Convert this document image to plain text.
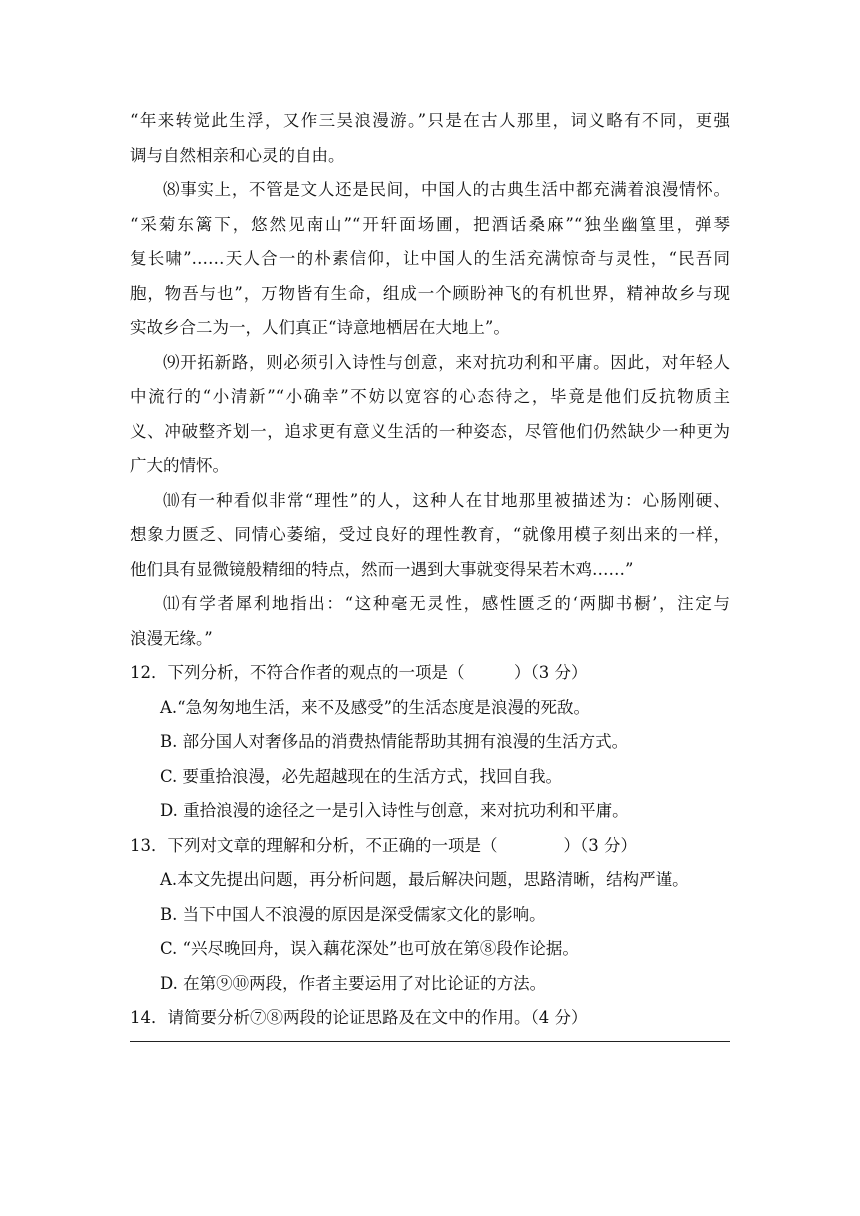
“年来转觉此生浮，又作三吴浪漫游。”只是在古人那里，词义略有不同，更强
调与自然相亲和心灵的自由。
⑻事实上，不管是文人还是民间，中国人的古典生活中都充满着浪漫情怀。
“采菊东篱下，悠然见南山”“开轩面场圃，把酒话桑麻”“独坐幽篁里，弹琴
复长啸”……天人合一的朴素信仰，让中国人的生活充满惊奇与灵性，“民吾同
胞，物吾与也”，万物皆有生命，组成一个顾盼神飞的有机世界，精神故乡与现
实故乡合二为一，人们真正“诗意地栖居在大地上”。
⑼开拓新路，则必须引入诗性与创意，来对抗功利和平庸。因此，对年轻人
中流行的“小清新”“小确幸”不妨以宽容的心态待之，毕竟是他们反抗物质主
义、冲破整齐划一，追求更有意义生活的一种姿态，尽管他们仍然缺少一种更为
广大的情怀。
⑽有一种看似非常“理性”的人，这种人在甘地那里被描述为：心肠刚硬、
想象力匮乏、同情心萎缩，受过良好的理性教育，“就像用模子刻出来的一样，
他们具有显微镜般精细的特点，然而一遇到大事就变得呆若木鸡……”
⑾有学者犀利地指出：“这种毫无灵性，感性匮乏的‘两脚书橱’，注定与
浪漫无缘。”
12．下列分析，不符合作者的观点的一项是（　　　）（3 分）
A.“急匆匆地生活，来不及感受”的生活态度是浪漫的死敌。
B. 部分国人对奢侈品的消费热情能帮助其拥有浪漫的生活方式。
C. 要重拾浪漫，必先超越现在的生活方式，找回自我。
D. 重拾浪漫的途径之一是引入诗性与创意，来对抗功利和平庸。
13．下列对文章的理解和分析，不正确的一项是（　　　　）（3 分）
A.本文先提出问题，再分析问题，最后解决问题，思路清晰，结构严谨。
B. 当下中国人不浪漫的原因是深受儒家文化的影响。
C. “兴尽晚回舟，误入藕花深处”也可放在第⑧段作论据。
D. 在第⑨⑩两段，作者主要运用了对比论证的方法。
14．请简要分析⑦⑧两段的论证思路及在文中的作用。（4 分）
